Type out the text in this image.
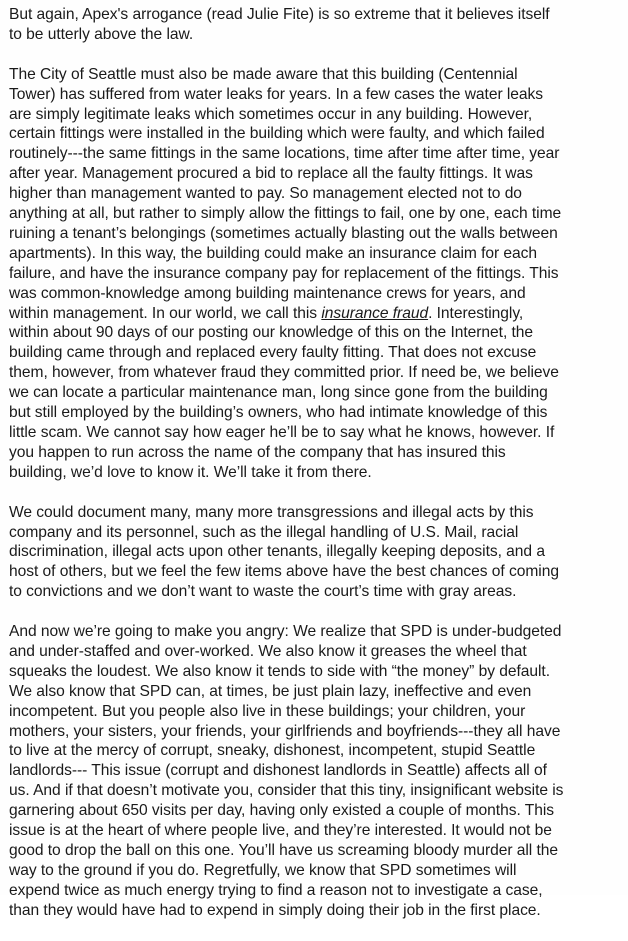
But again, Apex's arrogance (read Julie Fite) is so extreme that it believes itself
to be utterly above the law.

The City of Seattle must also be made aware that this building (Centennial
Tower) has suffered from water leaks for years. In a few cases the water leaks
are simply legitimate leaks which sometimes occur in any building. However,
certain fittings were installed in the building which were faulty, and which failed
routinely---the same fittings in the same locations, time after time after time, year
after year. Management procured a bid to replace all the faulty fittings. It was
higher than management wanted to pay. So management elected not to do
anything at all, but rather to simply allow the fittings to fail, one by one, each time
ruining a tenant’s belongings (sometimes actually blasting out the walls between
apartments). In this way, the building could make an insurance claim for each
failure, and have the insurance company pay for replacement of the fittings. This
was common-knowledge among building maintenance crews for years, and
within management. In our world, we call this insurance fraud. Interestingly,
within about 90 days of our posting our knowledge of this on the Internet, the
building came through and replaced every faulty fitting. That does not excuse
them, however, from whatever fraud they committed prior. If need be, we believe
we can locate a particular maintenance man, long since gone from the building
but still employed by the building’s owners, who had intimate knowledge of this
little scam. We cannot say how eager he’ll be to say what he knows, however. If
you happen to run across the name of the company that has insured this
building, we’d love to know it. We’ll take it from there.

We could document many, many more transgressions and illegal acts by this
company and its personnel, such as the illegal handling of U.S. Mail, racial
discrimination, illegal acts upon other tenants, illegally keeping deposits, and a
host of others, but we feel the few items above have the best chances of coming
to convictions and we don’t want to waste the court’s time with gray areas.

And now we’re going to make you angry: We realize that SPD is under-budgeted
and under-staffed and over-worked. We also know it greases the wheel that
squeaks the loudest. We also know it tends to side with “the money” by default.
We also know that SPD can, at times, be just plain lazy, ineffective and even
incompetent. But you people also live in these buildings; your children, your
mothers, your sisters, your friends, your girlfriends and boyfriends---they all have
to live at the mercy of corrupt, sneaky, dishonest, incompetent, stupid Seattle
landlords--- This issue (corrupt and dishonest landlords in Seattle) affects all of
us. And if that doesn’t motivate you, consider that this tiny, insignificant website is
garnering about 650 visits per day, having only existed a couple of months. This
issue is at the heart of where people live, and they’re interested. It would not be
good to drop the ball on this one. You’ll have us screaming bloody murder all the
way to the ground if you do. Regretfully, we know that SPD sometimes will
expend twice as much energy trying to find a reason not to investigate a case,
than they would have had to expend in simply doing their job in the first place.
